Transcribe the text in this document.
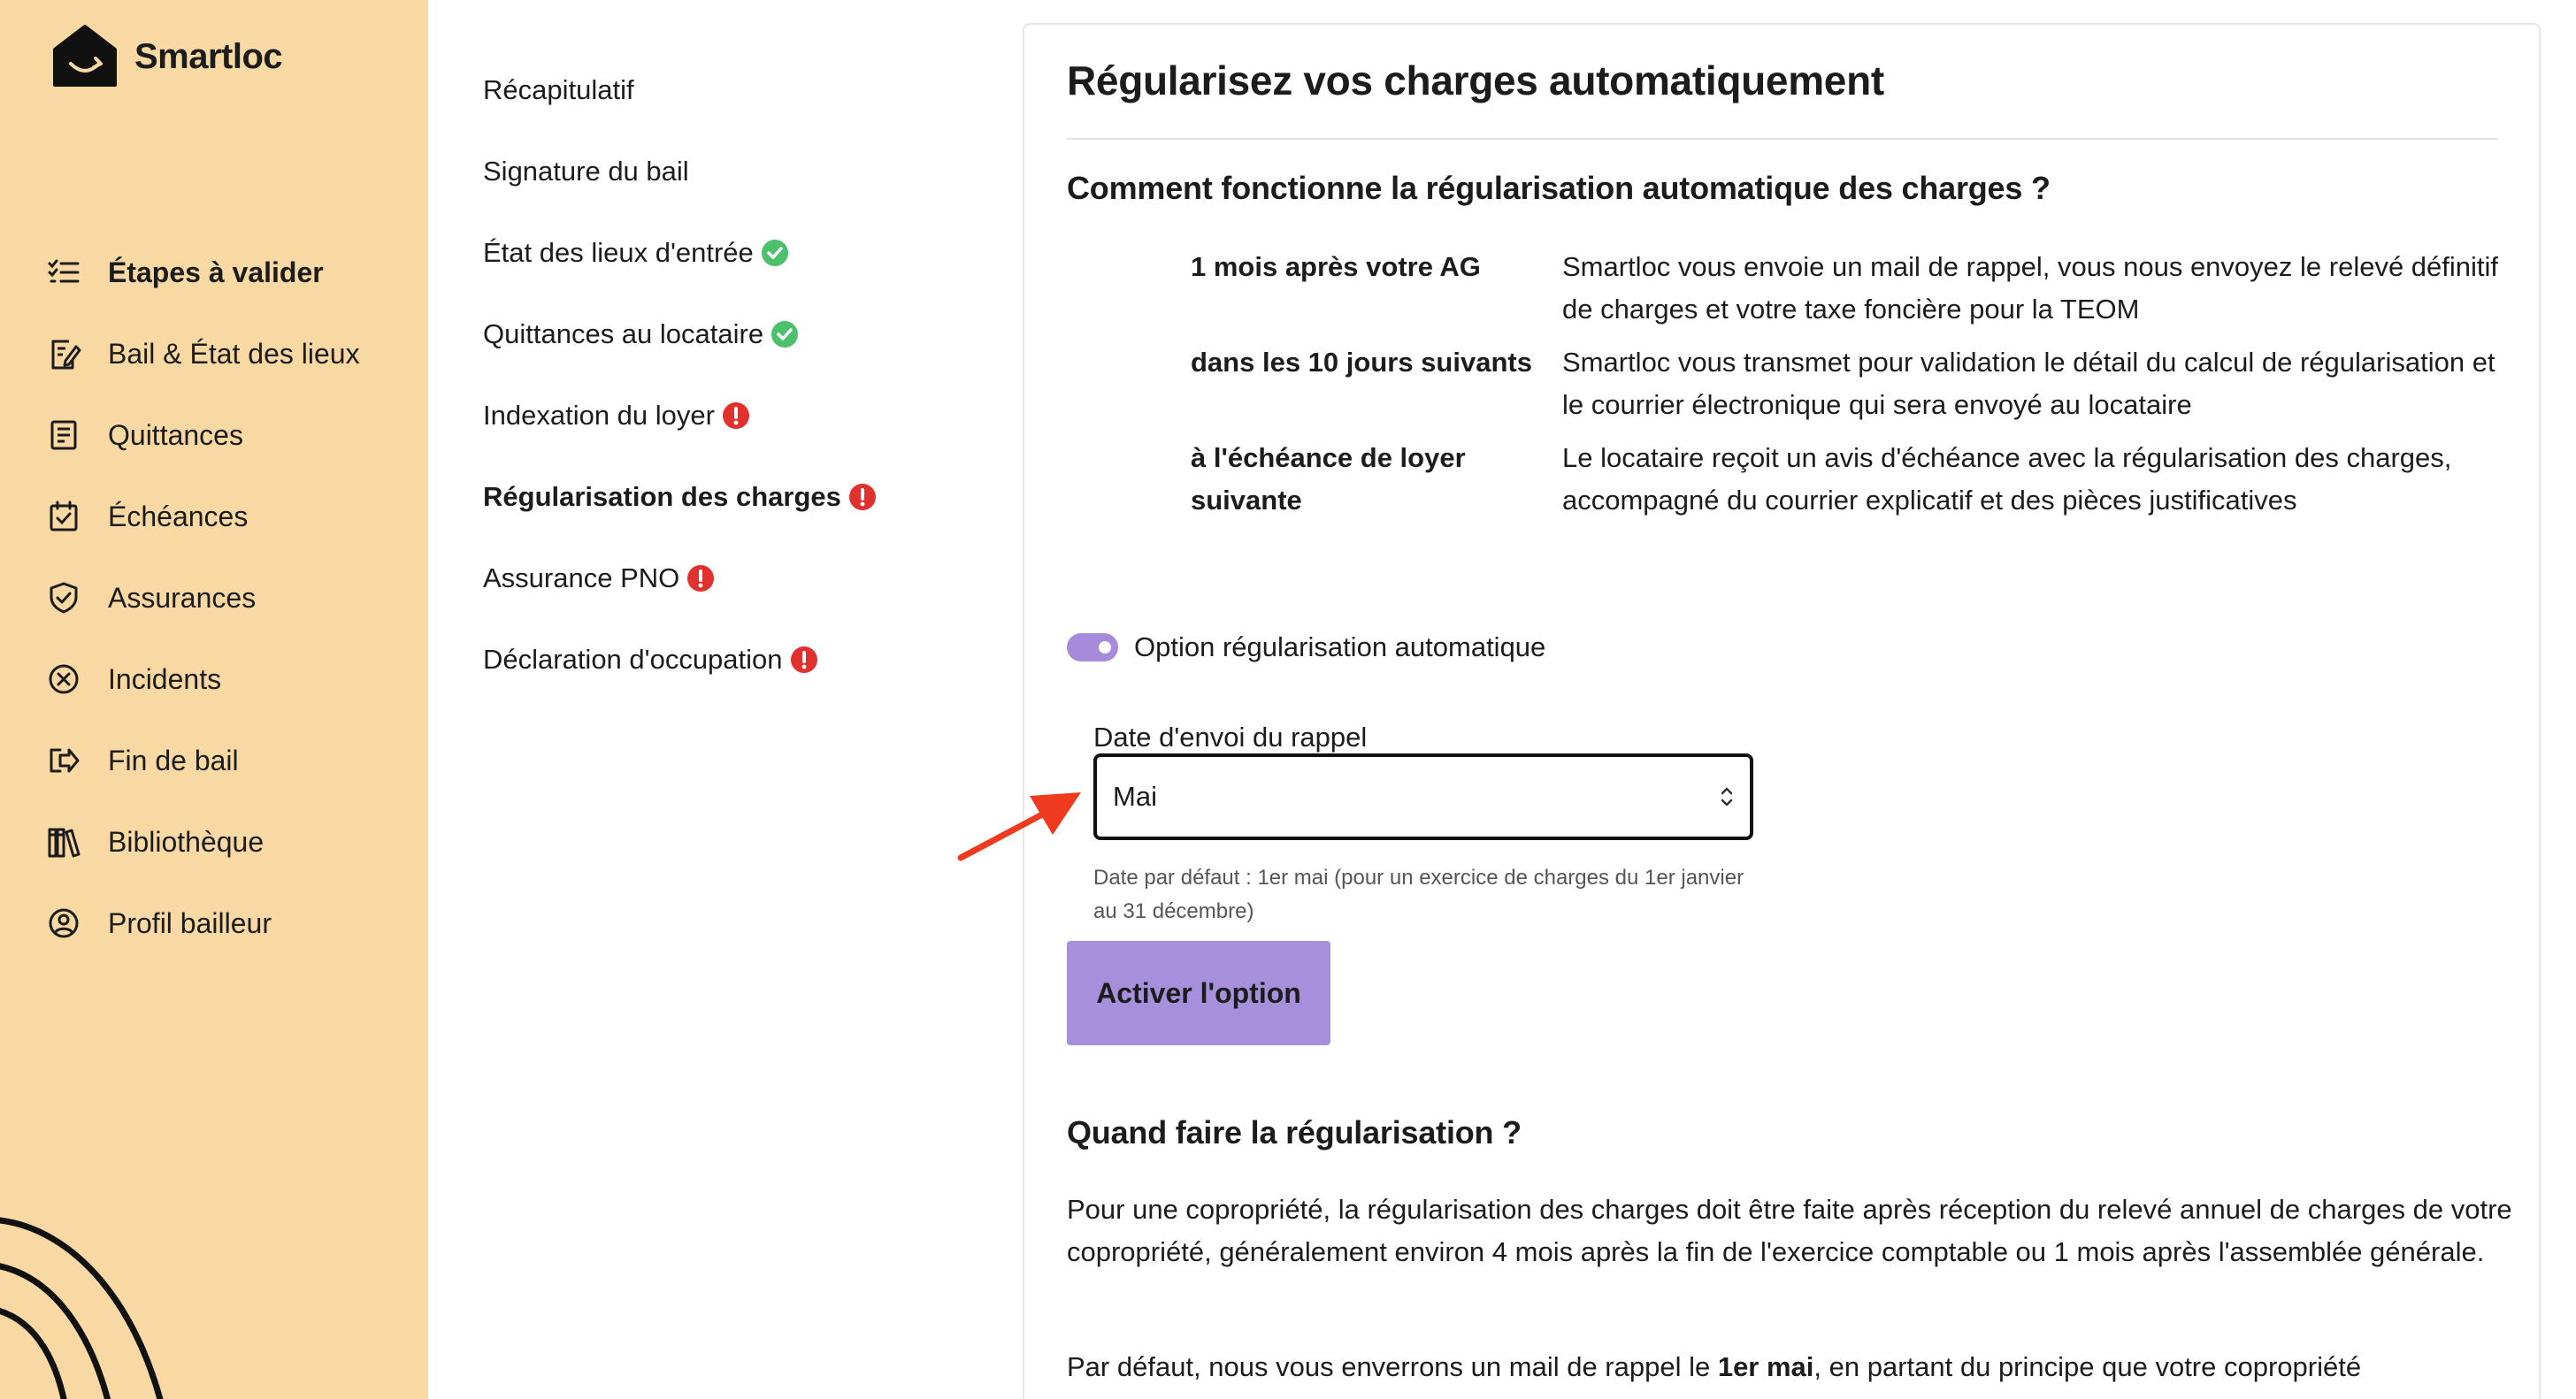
Smartloc
Étapes à valider
Bail & État des lieux
Quittances
Échéances
Assurances
Incidents
Fin de bail
Bibliothèque
Profil bailleur
Récapitulatif
Signature du bail
État des lieux d'entrée
Quittances au locataire
Indexation du loyer
Régularisation des charges
Assurance PNO
Déclaration d'occupation
Régularisez vos charges automatiquement
Comment fonctionne la régularisation automatique des charges ?
1 mois après votre AG	Smartloc vous envoie un mail de rappel, vous nous envoyez le relevé définitif de charges et votre taxe foncière pour la TEOM
dans les 10 jours suivants	Smartloc vous transmet pour validation le détail du calcul de régularisation et le courrier électronique qui sera envoyé au locataire
à l'échéance de loyer suivante
Le locataire reçoit un avis d'échéance avec la régularisation des charges, accompagné du courrier explicatif et des pièces justificatives
Option régularisation automatique
Date d'envoi du rappel
Mai

Date par défaut : 1er mai (pour un exercice de charges du 1er janvier au 31 décembre)

Activer l'option
Quand faire la régularisation ?

Pour une copropriété, la régularisation des charges doit être faite après réception du relevé annuel de charges de votre copropriété, généralement environ 4 mois après la fin de l'exercice comptable ou 1 mois après l'assemblée générale.

Par défaut, nous vous enverrons un mail de rappel le 1er mai, en partant du principe que votre copropriété
